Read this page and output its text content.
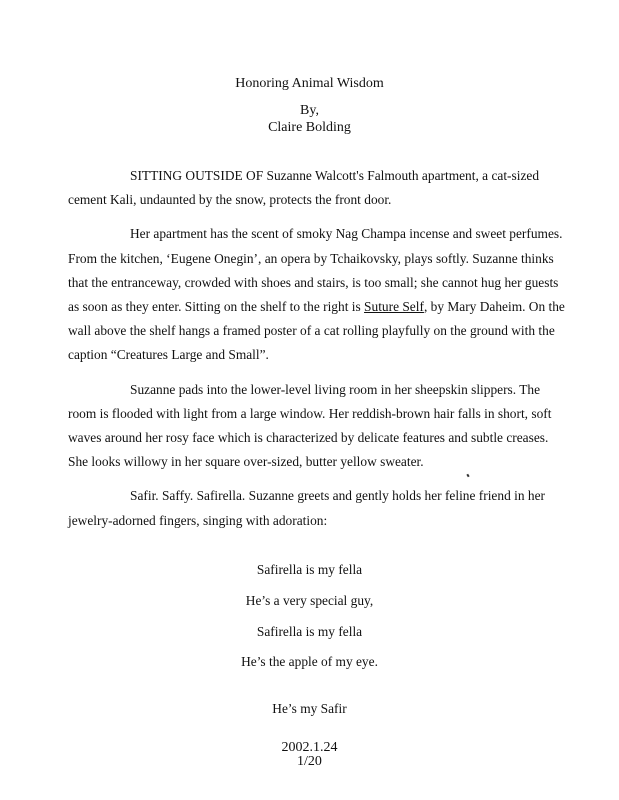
Honoring Animal Wisdom
By,
Claire Bolding

SITTING OUTSIDE OF Suzanne Walcott's Falmouth apartment, a cat-sized cement Kali, undaunted by the snow, protects the front door.

Her apartment has the scent of smoky Nag Champa incense and sweet perfumes. From the kitchen, ‘Eugene Onegin’, an opera by Tchaikovsky, plays softly. Suzanne thinks that the entranceway, crowded with shoes and stairs, is too small; she cannot hug her guests as soon as they enter. Sitting on the shelf to the right is Suture Self, by Mary Daheim. On the wall above the shelf hangs a framed poster of a cat rolling playfully on the ground with the caption “Creatures Large and Small”.

Suzanne pads into the lower-level living room in her sheepskin slippers. The room is flooded with light from a large window. Her reddish-brown hair falls in short, soft waves around her rosy face which is characterized by delicate features and subtle creases. She looks willowy in her square over-sized, butter yellow sweater.

Safir. Saffy. Safirella. Suzanne greets and gently holds her feline friend in her jewelry-adorned fingers, singing with adoration:

Safirella is my fella
He’s a very special guy,
Safirella is my fella
He’s the apple of my eye.
He’s my Safir
2002.1.24
1/20
